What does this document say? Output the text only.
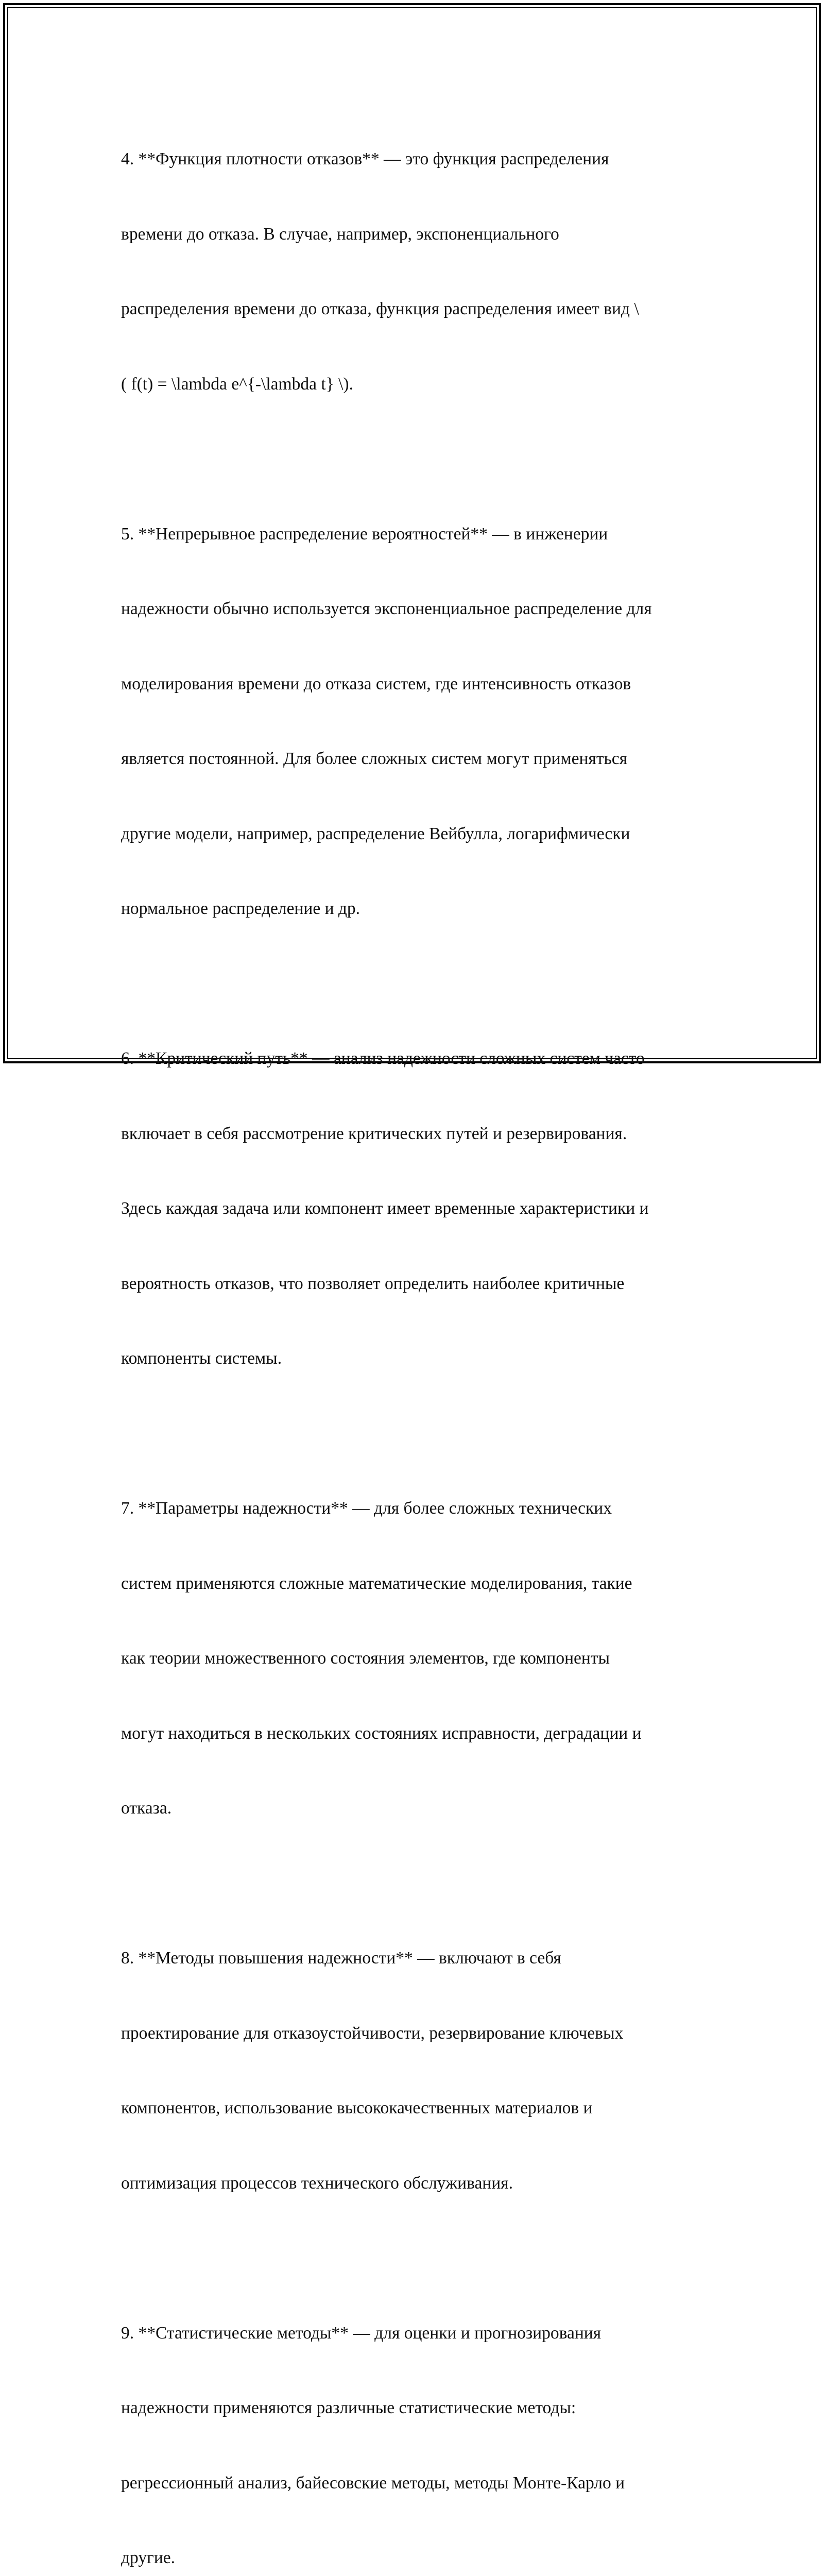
4. **Функция плотности отказов** — это функция распределения

времени до отказа. В случае, например, экспоненциального

распределения времени до отказа, функция распределения имеет вид \

( f(t) = \lambda e^{-\lambda t} \).

5. **Непрерывное распределение вероятностей** — в инженерии

надежности обычно используется экспоненциальное распределение для

моделирования времени до отказа систем, где интенсивность отказов

является постоянной. Для более сложных систем могут применяться

другие модели, например, распределение Вейбулла, логарифмически

нормальное распределение и др.

6. **Критический путь** — анализ надежности сложных систем часто

включает в себя рассмотрение критических путей и резервирования.

Здесь каждая задача или компонент имеет временные характеристики и

вероятность отказов, что позволяет определить наиболее критичные

компоненты системы.

7. **Параметры надежности** — для более сложных технических

систем применяются сложные математические моделирования, такие

как теории множественного состояния элементов, где компоненты

могут находиться в нескольких состояниях исправности, деградации и

отказа.

8. **Методы повышения надежности** — включают в себя

проектирование для отказоустойчивости, резервирование ключевых

компонентов, использование высококачественных материалов и

оптимизация процессов технического обслуживания.

9. **Статистические методы** — для оценки и прогнозирования

надежности применяются различные статистические методы:

регрессионный анализ, байесовские методы, методы Монте-Карло и

другие.
